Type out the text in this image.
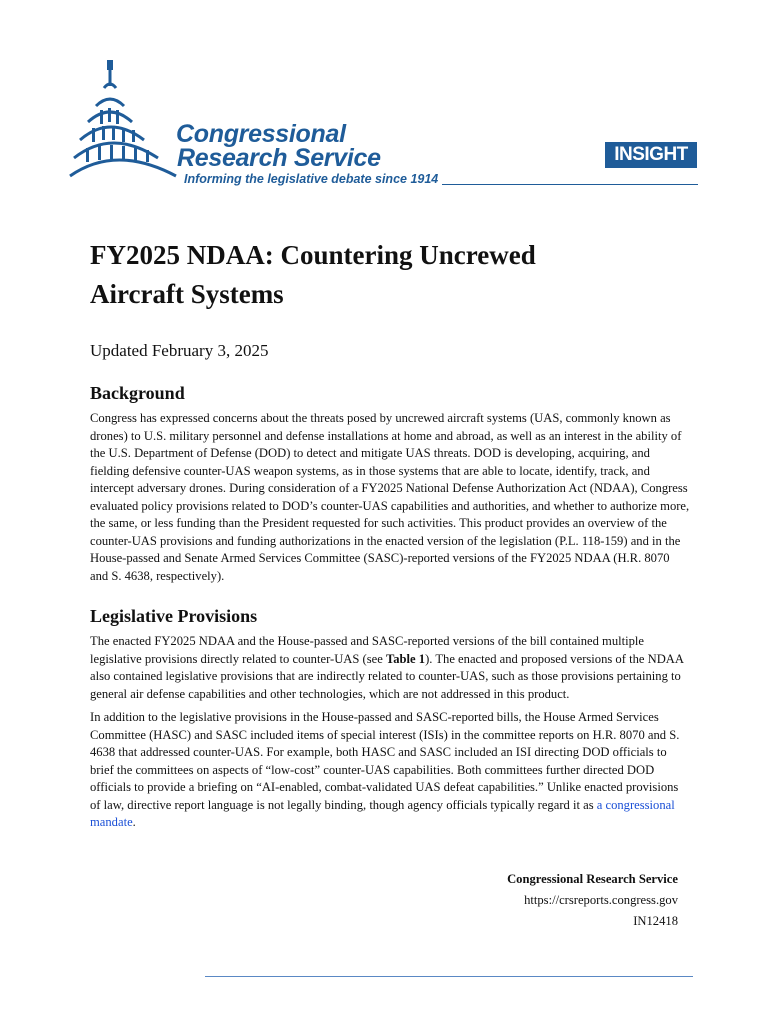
Congressional
Research Service
Informing the legislative debate since 1914
INSIGHT
FY2025 NDAA: Countering Uncrewed
Aircraft Systems
Updated February 3, 2025
Background

Congress has expressed concerns about the threats posed by uncrewed aircraft systems (UAS, commonly known as drones) to U.S. military personnel and defense installations at home and abroad, as well as an interest in the ability of the U.S. Department of Defense (DOD) to detect and mitigate UAS threats. DOD is developing, acquiring, and fielding defensive counter-UAS weapon systems, as in those systems that are able to locate, identify, track, and intercept adversary drones. During consideration of a FY2025 National Defense Authorization Act (NDAA), Congress evaluated policy provisions related to DOD’s counter-UAS capabilities and authorities, and whether to authorize more, the same, or less funding than the President requested for such activities. This product provides an overview of the counter-UAS provisions and funding authorizations in the enacted version of the legislation (P.L. 118-159) and in the House-passed and Senate Armed Services Committee (SASC)-reported versions of the FY2025 NDAA (H.R. 8070 and S. 4638, respectively).

Legislative Provisions

The enacted FY2025 NDAA and the House-passed and SASC-reported versions of the bill contained multiple legislative provisions directly related to counter-UAS (see Table 1). The enacted and proposed versions of the NDAA also contained legislative provisions that are indirectly related to counter-UAS, such as those provisions pertaining to general air defense capabilities and other technologies, which are not addressed in this product.

In addition to the legislative provisions in the House-passed and SASC-reported bills, the House Armed Services Committee (HASC) and SASC included items of special interest (ISIs) in the committee reports on H.R. 8070 and S. 4638 that addressed counter-UAS. For example, both HASC and SASC included an ISI directing DOD officials to brief the committees on aspects of “low-cost” counter-UAS capabilities. Both committees further directed DOD officials to provide a briefing on “AI-enabled, combat-validated UAS defeat capabilities.” Unlike enacted provisions of law, directive report language is not legally binding, though agency officials typically regard it as a congressional mandate.

Congressional Research Service
https://crsreports.congress.gov
IN12418
